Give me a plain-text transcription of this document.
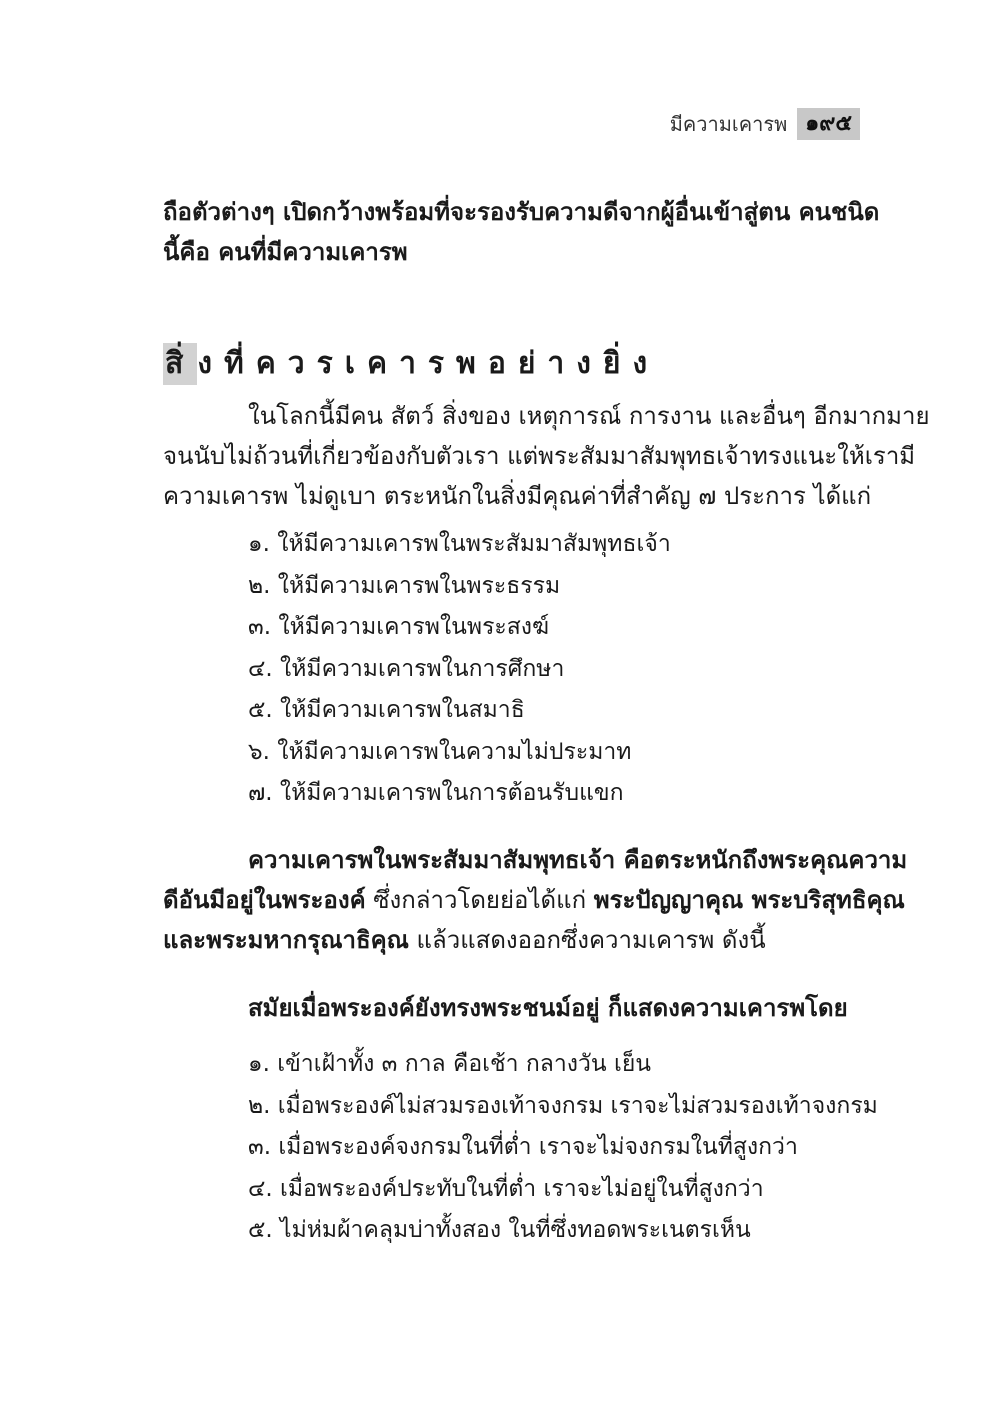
มีความเคารพ ๑๙๕
ถือตัวต่างๆ เปิดกว้างพร้อมที่จะรองรับความดีจากผู้อื่นเข้าสู่ตน คนชนิด
นี้คือ คนที่มีความเคารพ
สิ่ งที่ควรเคารพอย่างยิ่ง
ในโลกนี้มีคน สัตว์ สิ่งของ เหตุการณ์ การงาน และอื่นๆ อีกมากมาย
จนนับไม่ถ้วนที่เกี่ยวข้องกับตัวเรา แต่พระสัมมาสัมพุทธเจ้าทรงแนะให้เรามี
ความเคารพ ไม่ดูเบา ตระหนักในสิ่งมีคุณค่าที่สำคัญ ๗ ประการ ได้แก่
๑. ให้มีความเคารพในพระสัมมาสัมพุทธเจ้า
๒. ให้มีความเคารพในพระธรรม
๓. ให้มีความเคารพในพระสงฆ์
๔. ให้มีความเคารพในการศึกษา
๕. ให้มีความเคารพในสมาธิ
๖. ให้มีความเคารพในความไม่ประมาท
๗. ให้มีความเคารพในการต้อนรับแขก
ความเคารพในพระสัมมาสัมพุทธเจ้า คือตระหนักถึงพระคุณความ
ดีอันมีอยู่ในพระองค์ ซึ่งกล่าวโดยย่อได้แก่ พระปัญญาคุณ พระบริสุทธิคุณ
และพระมหากรุณาธิคุณ แล้วแสดงออกซึ่งความเคารพ ดังนี้
สมัยเมื่อพระองค์ยังทรงพระชนม์อยู่ ก็แสดงความเคารพโดย
๑. เข้าเฝ้าทั้ง ๓ กาล คือเช้า กลางวัน เย็น
๒. เมื่อพระองค์ไม่สวมรองเท้าจงกรม เราจะไม่สวมรองเท้าจงกรม
๓. เมื่อพระองค์จงกรมในที่ต่ำ เราจะไม่จงกรมในที่สูงกว่า
๔. เมื่อพระองค์ประทับในที่ต่ำ เราจะไม่อยู่ในที่สูงกว่า
๕. ไม่ห่มผ้าคลุมบ่าทั้งสอง ในที่ซึ่งทอดพระเนตรเห็น
